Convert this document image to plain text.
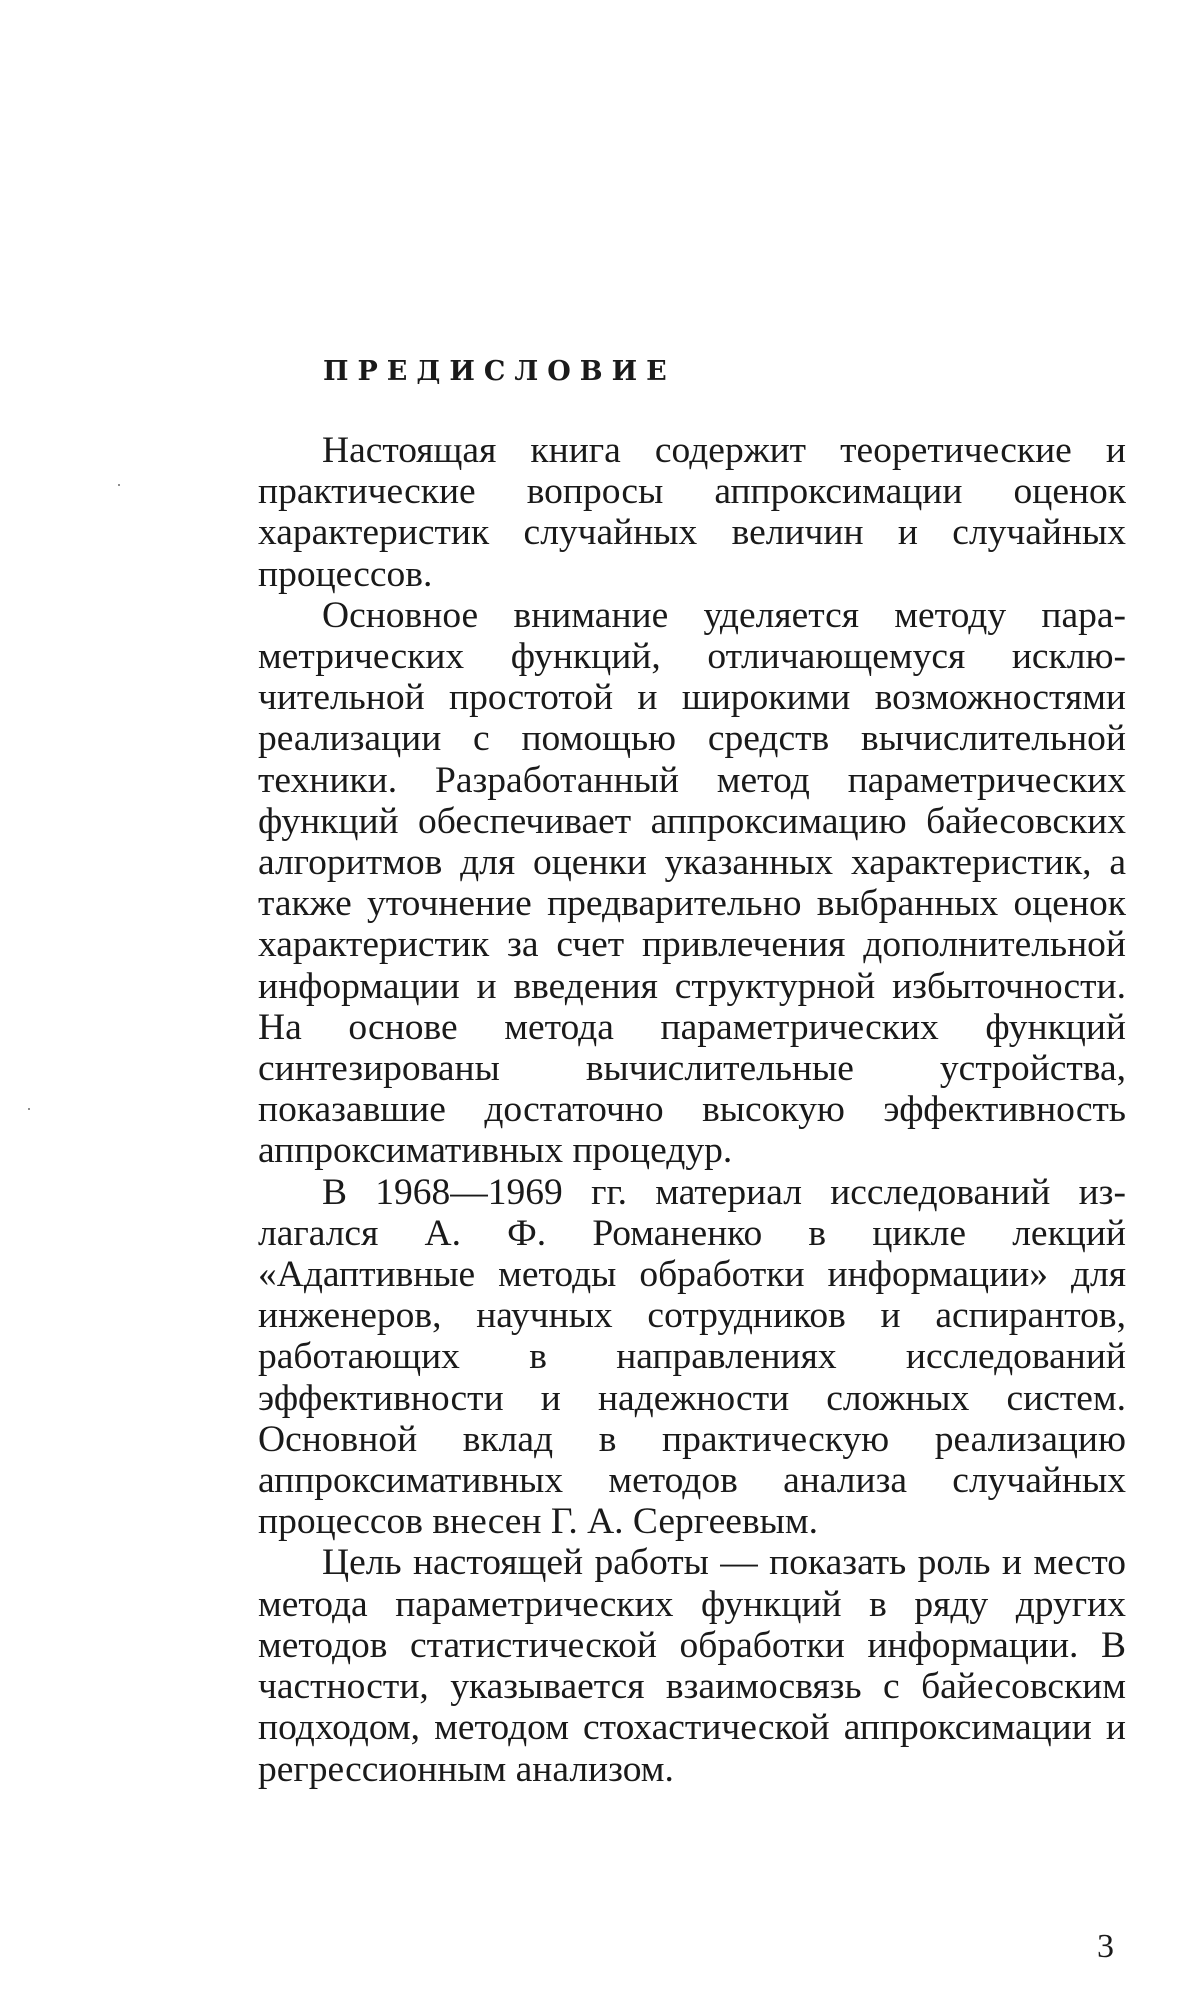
ПРЕДИСЛОВИЕ

Настоящая книга содержит теоретические и практические вопросы аппроксимации оценок характеристик случайных величин и случайных процессов.

Основное внимание уделяется методу параметрических функций, отличающемуся исключительной простотой и широкими возможностями реализации с помощью средств вычислительной техники. Разработанный метод параметрических функций обеспечивает аппроксимацию байесовских алгоритмов для оценки указанных характеристик, а также уточнение предварительно выбранных оценок характеристик за счет привлечения дополнительной информации и введения структурной избыточности. На основе метода параметрических функций синтезированы вычислительные устройства, показавшие достаточно высокую эффективность аппроксимативных процедур.

В 1968—1969 гг. материал исследований излагался А. Ф. Романенко в цикле лекций «Адаптивные методы обработки информации» для инженеров, научных сотрудников и аспирантов, работающих в направлениях исследований эффективности и надежности сложных систем. Основной вклад в практическую реализацию аппроксимативных методов анализа случайных процессов внесен Г. А. Сергеевым.

Цель настоящей работы — показать роль и место метода параметрических функций в ряду других методов статистической обработки информации. В частности, указывается взаимосвязь с байесовским подходом, методом стохастической аппроксимации и регрессионным анализом.

3
